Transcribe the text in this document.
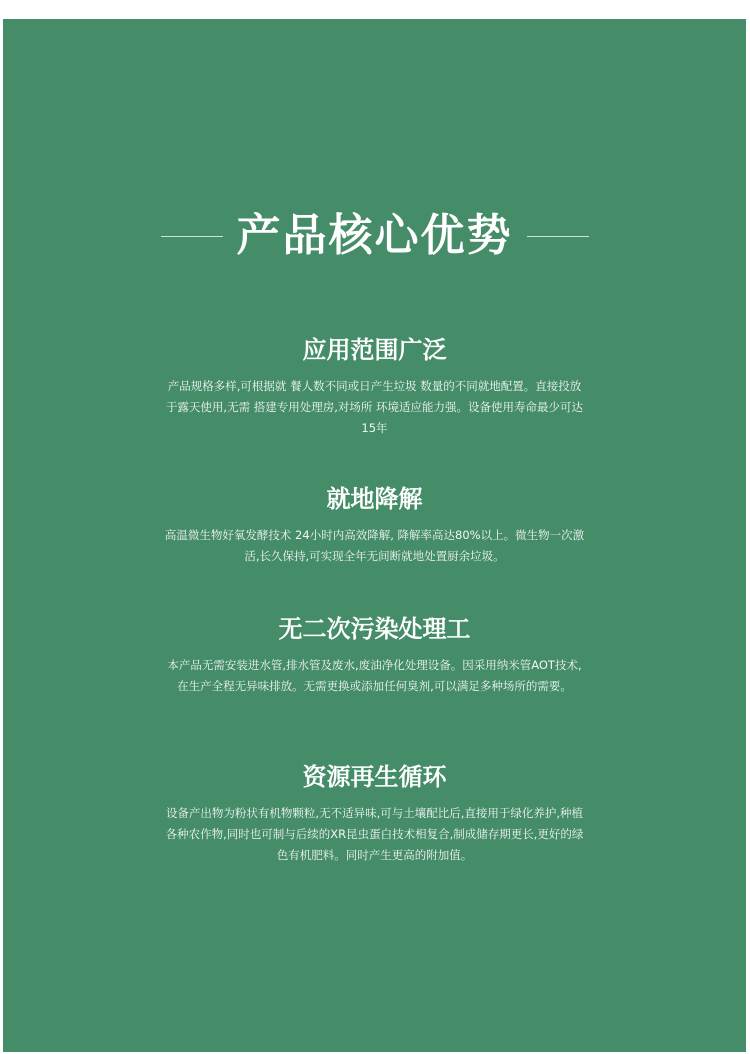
产品核心优势
应用范围广泛

产品规格多样,可根据就 餐人数不同或日产生垃圾 数量的不同就地配置。直接投放于露天使用,无需 搭建专用处理房,对场所 环境适应能力强。设备使用寿命最少可达15年

就地降解

高温微生物好氧发酵技术 24小时内高效降解, 降解率高达80%以上。微生物一次激活,长久保持,可实现全年无间断就地处置厨余垃圾。

无二次污染处理工

本产品无需安装进水管,排水管及废水,废油净化处理设备。因采用纳米管AOT技术,在生产全程无异味排放。无需更换或添加任何臭剂,可以满足多种场所的需要。

资源再生循环

设备产出物为粉状有机物颗粒,无不适异味,可与土壤配比后,直接用于绿化养护,种植各种农作物,同时也可制与后续的XR昆虫蛋白技术相复合,制成储存期更长,更好的绿色有机肥料。同时产生更高的附加值。
